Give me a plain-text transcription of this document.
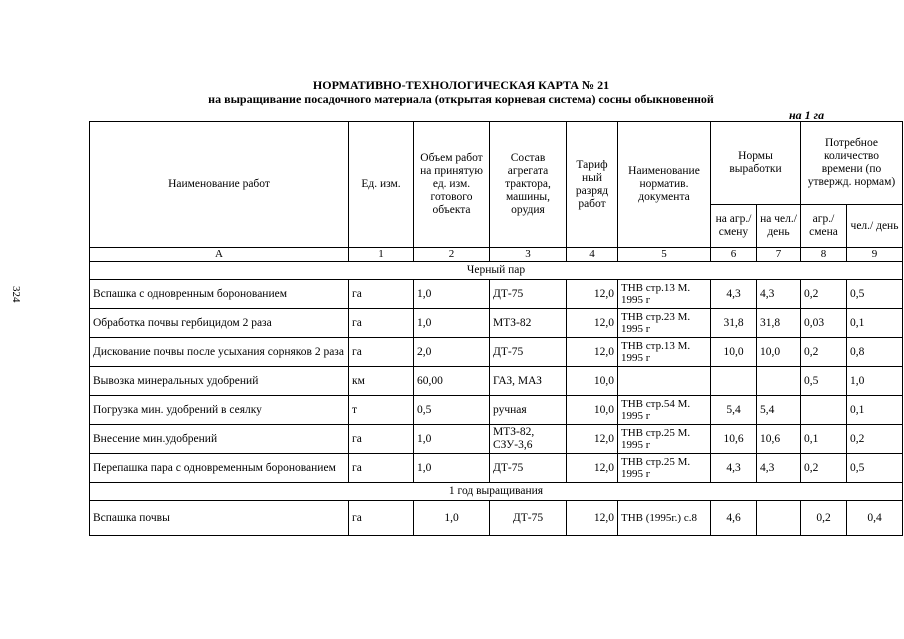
324
НОРМАТИВНО-ТЕХНОЛОГИЧЕСКАЯ КАРТА № 21
на выращивание посадочного материала (открытая корневая система) сосны обыкновенной
на 1 га
Наименование работ	Ед. изм.	Объем работ на принятую ед. изм. готового объекта	Состав агрегата трактора, машины, орудия	Тариф ный разряд работ	Наименование норматив. документа	Нормы выработки		Потребное количество времени (по утвержд. нормам)	
						на агр./ смену	на чел./ день	агр./ смена	чел./ день
А	1	2	3	4	5	6	7	8	9
Черный пар									
Вспашка с одновренным боронованием	га	1,0	ДТ-75	12,0	ТНВ стр.13 М. 1995 г	4,3	4,3	0,2	0,5
Обработка почвы гербицидом 2 раза	га	1,0	МТЗ-82	12,0	ТНВ стр.23 М. 1995 г	31,8	31,8	0,03	0,1
Дискование почвы после усыхания сорняков 2 раза	га	2,0	ДТ-75	12,0	ТНВ стр.13 М. 1995 г	10,0	10,0	0,2	0,8
Вывозка минеральных удобрений	км	60,00	ГАЗ, МАЗ	10,0				0,5	1,0
Погрузка мин. удобрений в сеялку	т	0,5	ручная	10,0	ТНВ стр.54 М. 1995 г	5,4	5,4		0,1
Внесение мин.удобрений	га	1,0	МТЗ-82, СЗУ-3,6	12,0	ТНВ стр.25 М. 1995 г	10,6	10,6	0,1	0,2
Перепашка пара с одновременным боронованием	га	1,0	ДТ-75	12,0	ТНВ стр.25 М. 1995 г	4,3	4,3	0,2	0,5
1 год выращивания									
Вспашка почвы	га	1,0	ДТ-75	12,0	ТНВ (1995г.) с.8	4,6		0,2	0,4
